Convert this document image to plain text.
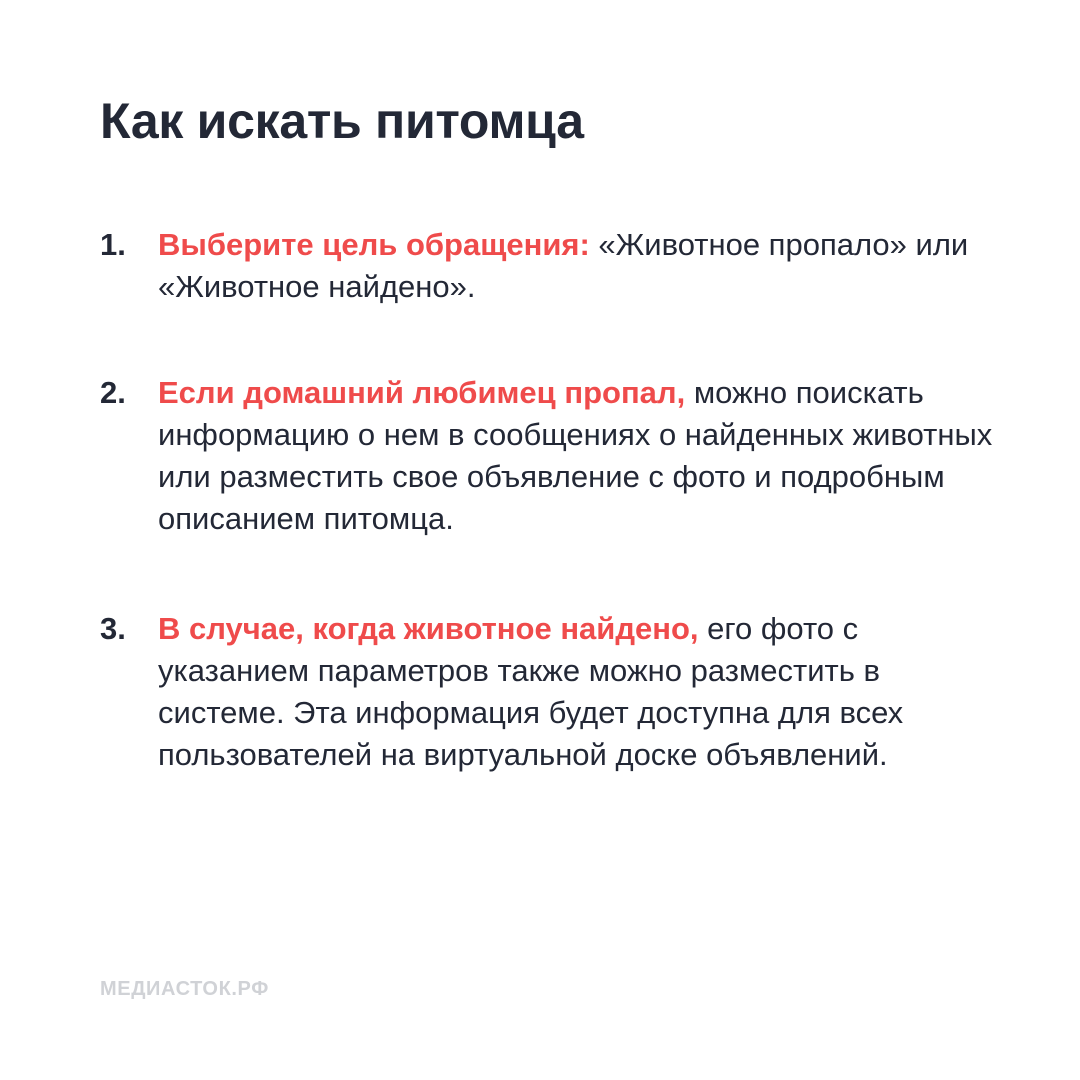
Как искать питомца
1.	Выберите цель обращения: «Животное пропало» или «Животное найдено».

2.	Если домашний любимец пропал, можно поискать информацию о нем в сообщениях о найденных животных или разместить свое объявление с фото и подробным описанием питомца.

3.	В случае, когда животное найдено, его фото с указанием параметров также можно разместить в системе. Эта информация будет доступна для всех пользователей на виртуальной доске объявлений.

МЕДИАСТОК.РФ
